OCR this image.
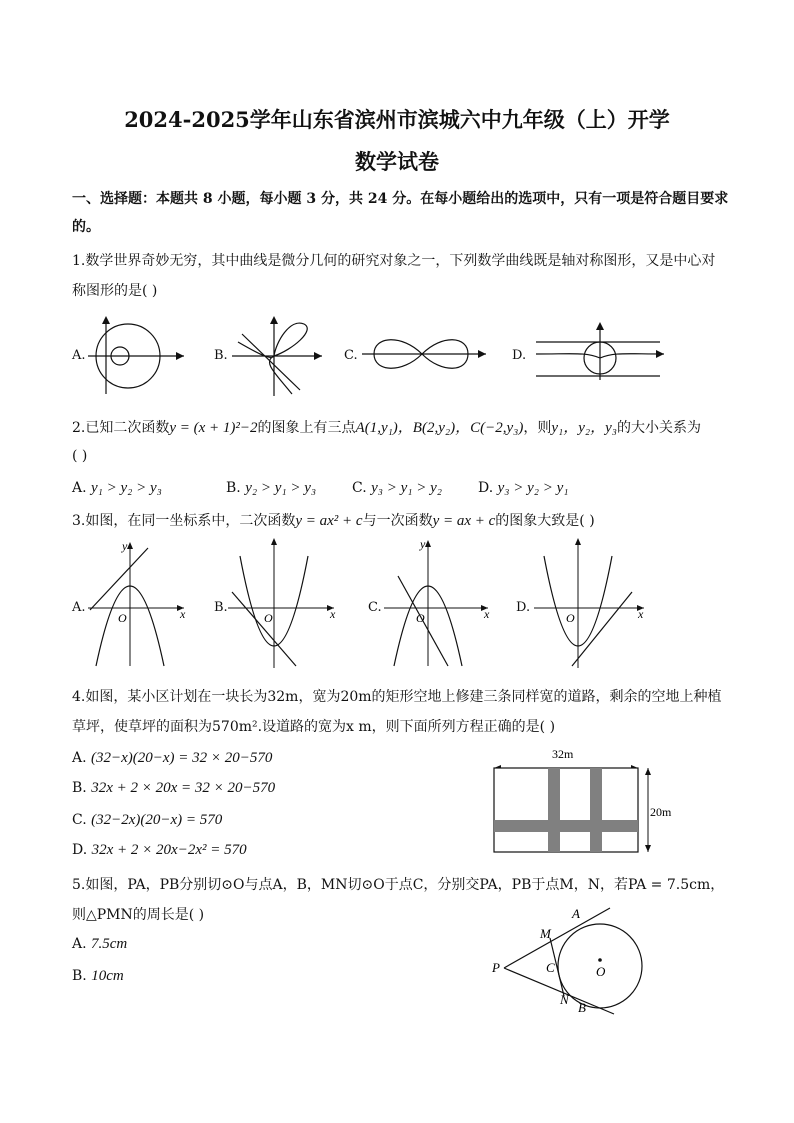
2024-2025学年山东省滨州市滨城六中九年级（上）开学
数学试卷
一、选择题：本题共 8 小题，每小题 3 分，共 24 分。在每小题给出的选项中，只有一项是符合题目要求
的。
1.数学世界奇妙无穷，其中曲线是微分几何的研究对象之一，下列数学曲线既是轴对称图形，又是中心对
称图形的是( )
A.	B.	C.	D.
2.已知二次函数y = (x + 1)²−2的图象上有三点A(1,y₁)，B(2,y₂)，C(−2,y₃)，则y₁，y₂，y₃的大小关系为
( )
A. y₁ > y₂ > y₃	B. y₂ > y₁ > y₃	C. y₃ > y₁ > y₂	D. y₃ > y₂ > y₁
3.如图，在同一坐标系中，二次函数y = ax² + c与一次函数y = ax + c的图象大致是( )
A.
y
x
O
B.	x
O
C.
y
x
O
D.	x
O
4.如图，某小区计划在一块长为32m，宽为20m的矩形空地上修建三条同样宽的道路，剩余的空地上种植
草坪，使草坪的面积为570m².设道路的宽为x m，则下面所列方程正确的是( )
A. (32−x)(20−x) = 32 × 20−570
B. 32x + 2 × 20x = 32 × 20−570
C. (32−2x)(20−x) = 570
D. 32x + 2 × 20x−2x² = 570
32m
20m
5.如图，PA，PB分别切⊙O与点A，B，MN切⊙O于点C，分别交PA，PB于点M，N，若PA = 7.5cm，
则△PMN的周长是( )
A. 7.5cm
B. 10cm
P
A
B
M
N
C	O
